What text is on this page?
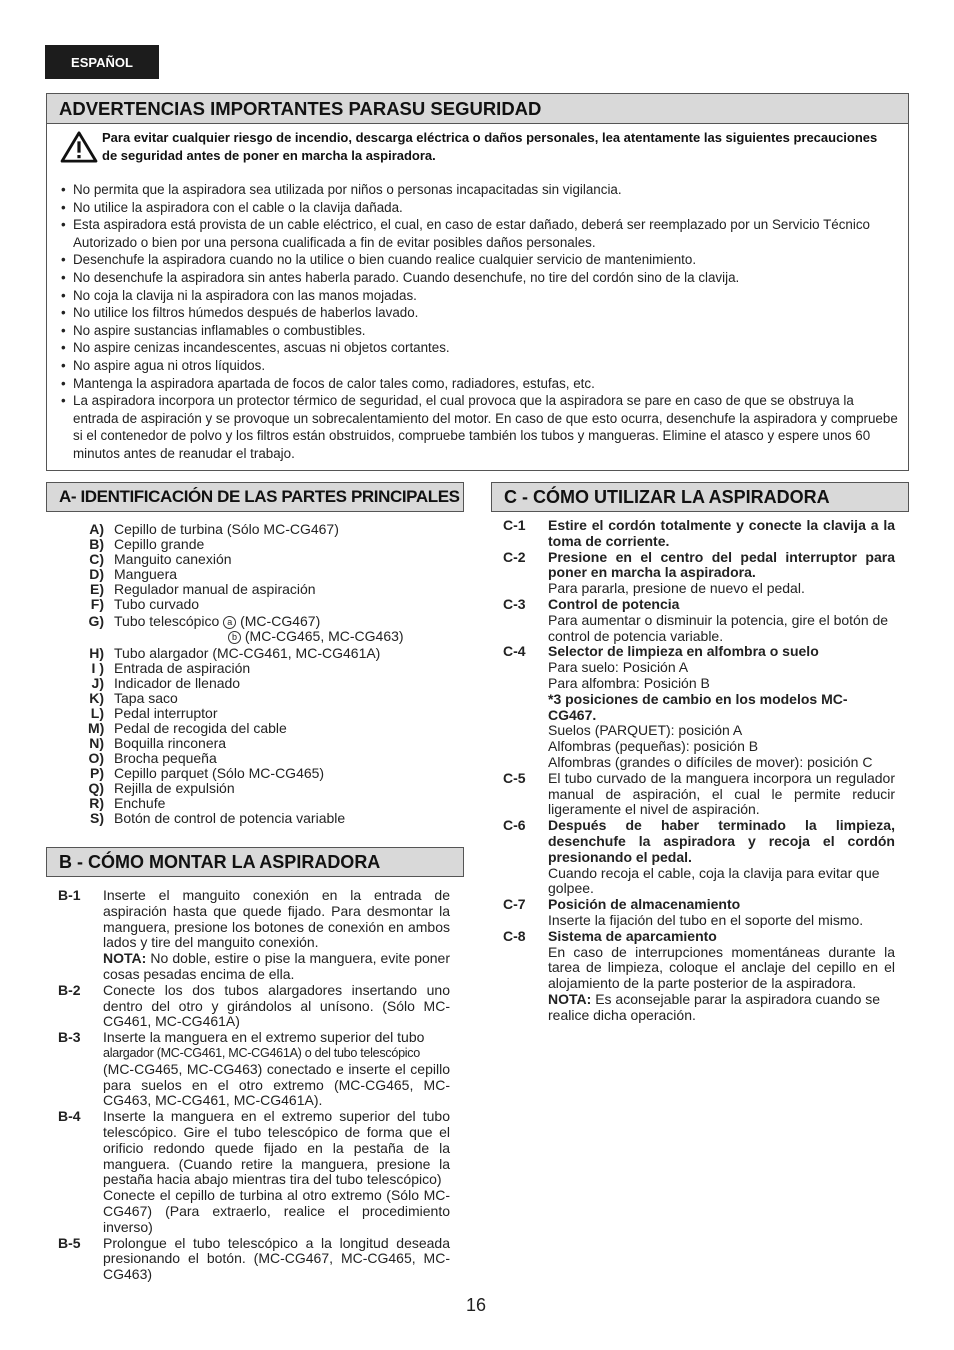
ESPAÑOL
ADVERTENCIAS IMPORTANTES PARASU SEGURIDAD
Para evitar cualquier riesgo de incendio, descarga eléctrica o daños personales, lea atentamente las siguientes precauciones de seguridad antes de poner en marcha la aspiradora.
• No permita que la aspiradora sea utilizada por niños o personas incapacitadas sin vigilancia.
• No utilice la aspiradora con el cable o la clavija dañada.
• Esta aspiradora está provista de un cable eléctrico, el cual, en caso de estar dañado, deberá ser reemplazado por un Servicio Técnico Autorizado o bien por una persona cualificada a fin de evitar posibles daños personales.
• Desenchufe la aspiradora cuando no la utilice o bien cuando realice cualquier servicio de mantenimiento.
• No desenchufe la aspiradora sin antes haberla parado. Cuando desenchufe, no tire del cordón sino de la clavija.
• No coja la clavija ni la aspiradora con las manos mojadas.
• No utilice los filtros húmedos después de haberlos lavado.
• No aspire sustancias inflamables o combustibles.
• No aspire cenizas incandescentes, ascuas ni objetos cortantes.
• No aspire agua ni otros líquidos.
• Mantenga la aspiradora apartada de focos de calor tales como, radiadores, estufas, etc.
• La aspiradora incorpora un protector térmico de seguridad, el cual provoca que la aspiradora se pare en caso de que se obstruya la entrada de aspiración y se provoque un sobrecalentamiento del motor. En caso de que esto ocurra, desenchufe la aspiradora y compruebe si el contenedor de polvo y los filtros están obstruidos, compruebe también los tubos y mangueras. Elimine el atasco y espere unos 60 minutos antes de reanudar el trabajo.
A- IDENTIFICACIÓN DE LAS PARTES PRINCIPALES
A) Cepillo de turbina (Sólo MC-CG467)
B) Cepillo grande
C) Manguito canexión
D) Manguera
E) Regulador manual de aspiración
F) Tubo curvado
G) Tubo telescópico a (MC-CG467)
b (MC-CG465, MC-CG463)
H) Tubo alargador (MC-CG461, MC-CG461A)
I ) Entrada de aspiración
J) Indicador de llenado
K) Tapa saco
L) Pedal interruptor
M) Pedal de recogida del cable
N) Boquilla rinconera
O) Brocha pequeña
P) Cepillo parquet (Sólo MC-CG465)
Q) Rejilla de expulsión
R) Enchufe
S) Botón de control de potencia variable
B - CÓMO MONTAR LA ASPIRADORA
B-1	Inserte el manguito conexión en la entrada de aspiración hasta que quede fijado. Para desmontar la manguera, presione los botones de conexión en ambos lados y tire del manguito conexión.
NOTA: No doble, estire o pise la manguera, evite poner cosas pesadas encima de ella.
B-2	Conecte los dos tubos alargadores insertando uno dentro del otro y girándolos al unísono. (Sólo MC-CG461, MC-CG461A)
B-3	Inserte la manguera en el extremo superior del tubo
alargador (MC-CG461, MC-CG461A) o del tubo telescópico
(MC-CG465, MC-CG463) conectado e inserte el cepillo para suelos en el otro extremo (MC-CG465, MC-CG463, MC-CG461, MC-CG461A).
B-4	Inserte la manguera en el extremo superior del tubo telescópico. Gire el tubo telescópico de forma que el orificio redondo quede fijado en la pestaña de la manguera. (Cuando retire la manguera, presione la pestaña hacia abajo mientras tira del tubo telescópico)
Conecte el cepillo de turbina al otro extremo (Sólo MC-CG467) (Para extraerlo, realice el procedimiento inverso)
B-5	Prolongue el tubo telescópico a la longitud deseada presionando el botón. (MC-CG467, MC-CG465, MC-CG463)
C - CÓMO UTILIZAR LA ASPIRADORA
C-1	Estire el cordón totalmente y conecte la clavija a la toma de corriente.
C-2	Presione en el centro del pedal interruptor para poner en marcha la aspiradora.
Para pararla, presione de nuevo el pedal.
C-3	Control de potencia
Para aumentar o disminuir la potencia, gire el botón de control de potencia variable.
C-4	Selector de limpieza en alfombra o suelo
Para suelo: Posición A
Para alfombra: Posición B
*3 posiciones de cambio en los modelos MC-CG467.
Suelos (PARQUET): posición A
Alfombras (pequeñas): posición B
Alfombras (grandes o difíciles de mover): posición C
C-5	El tubo curvado de la manguera incorpora un regulador manual de aspiración, el cual le permite reducir ligeramente el nivel de aspiración.
C-6	Después de haber terminado la limpieza, desenchufe la aspiradora y recoja el cordón presionando el pedal.
Cuando recoja el cable, coja la clavija para evitar que golpee.
C-7	Posición de almacenamiento
Inserte la fijación del tubo en el soporte del mismo.
C-8	Sistema de aparcamiento
En caso de interrupciones momentáneas durante la tarea de limpieza, coloque el anclaje del cepillo en el alojamiento de la parte posterior de la aspiradora.
NOTA: Es aconsejable parar la aspiradora cuando se realice dicha operación.
16
